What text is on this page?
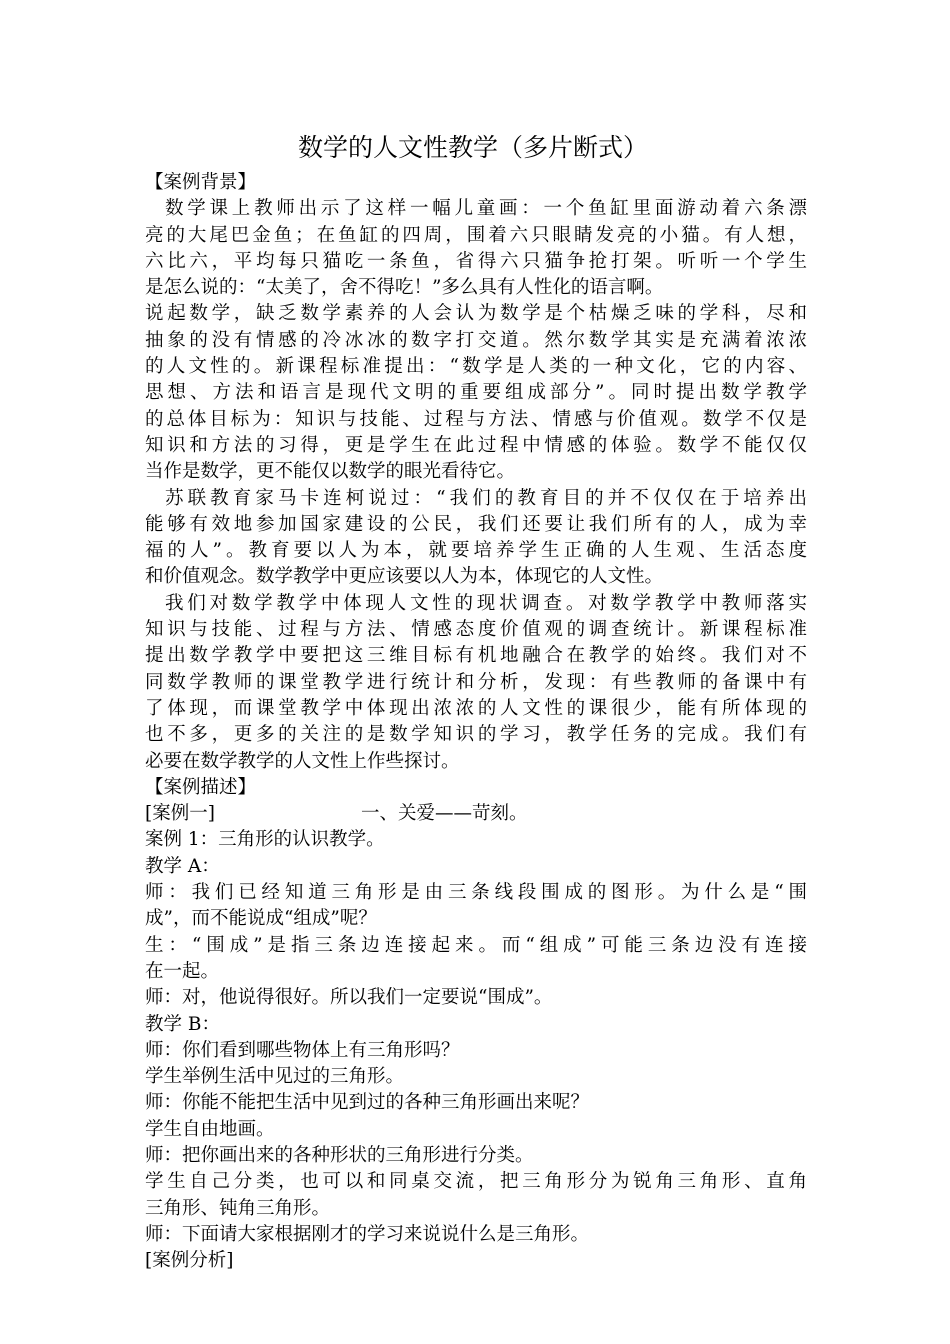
数学的人文性教学（多片断式）
【案例背景】
数学课上教师出示了这样一幅儿童画：一个鱼缸里面游动着六条漂
亮的大尾巴金鱼；在鱼缸的四周，围着六只眼睛发亮的小猫。有人想，
六比六，平均每只猫吃一条鱼，省得六只猫争抢打架。听听一个学生
是怎么说的：“太美了，舍不得吃！”多么具有人性化的语言啊。
说起数学，缺乏数学素养的人会认为数学是个枯燥乏味的学科，尽和
抽象的没有情感的冷冰冰的数字打交道。然尔数学其实是充满着浓浓
的人文性的。新课程标准提出：“数学是人类的一种文化，它的内容、
思想、方法和语言是现代文明的重要组成部分”。同时提出数学教学
的总体目标为：知识与技能、过程与方法、情感与价值观。数学不仅是
知识和方法的习得，更是学生在此过程中情感的体验。数学不能仅仅
当作是数学，更不能仅以数学的眼光看待它。
苏联教育家马卡连柯说过：“我们的教育目的并不仅仅在于培养出
能够有效地参加国家建设的公民，我们还要让我们所有的人，成为幸
福的人”。教育要以人为本，就要培养学生正确的人生观、生活态度
和价值观念。数学教学中更应该要以人为本，体现它的人文性。
我们对数学教学中体现人文性的现状调查。对数学教学中教师落实
知识与技能、过程与方法、情感态度价值观的调查统计。新课程标准
提出数学教学中要把这三维目标有机地融合在教学的始终。我们对不
同数学教师的课堂教学进行统计和分析，发现：有些教师的备课中有
了体现，而课堂教学中体现出浓浓的人文性的课很少，能有所体现的
也不多，更多的关注的是数学知识的学习，教学任务的完成。我们有
必要在数学教学的人文性上作些探讨。
【案例描述】
[案例一]	一、关爱——苛刻。
案例 1：三角形的认识教学。
教学 A：
师：我们已经知道三角形是由三条线段围成的图形。为什么是“围
成”，而不能说成“组成”呢？
生：“围成”是指三条边连接起来。而“组成”可能三条边没有连接
在一起。
师：对，他说得很好。所以我们一定要说“围成”。
教学 B：
师：你们看到哪些物体上有三角形吗？
学生举例生活中见过的三角形。
师：你能不能把生活中见到过的各种三角形画出来呢？
学生自由地画。
师：把你画出来的各种形状的三角形进行分类。
学生自己分类，也可以和同桌交流，把三角形分为锐角三角形、直角
三角形、钝角三角形。
师：下面请大家根据刚才的学习来说说什么是三角形。
[案例分析]
